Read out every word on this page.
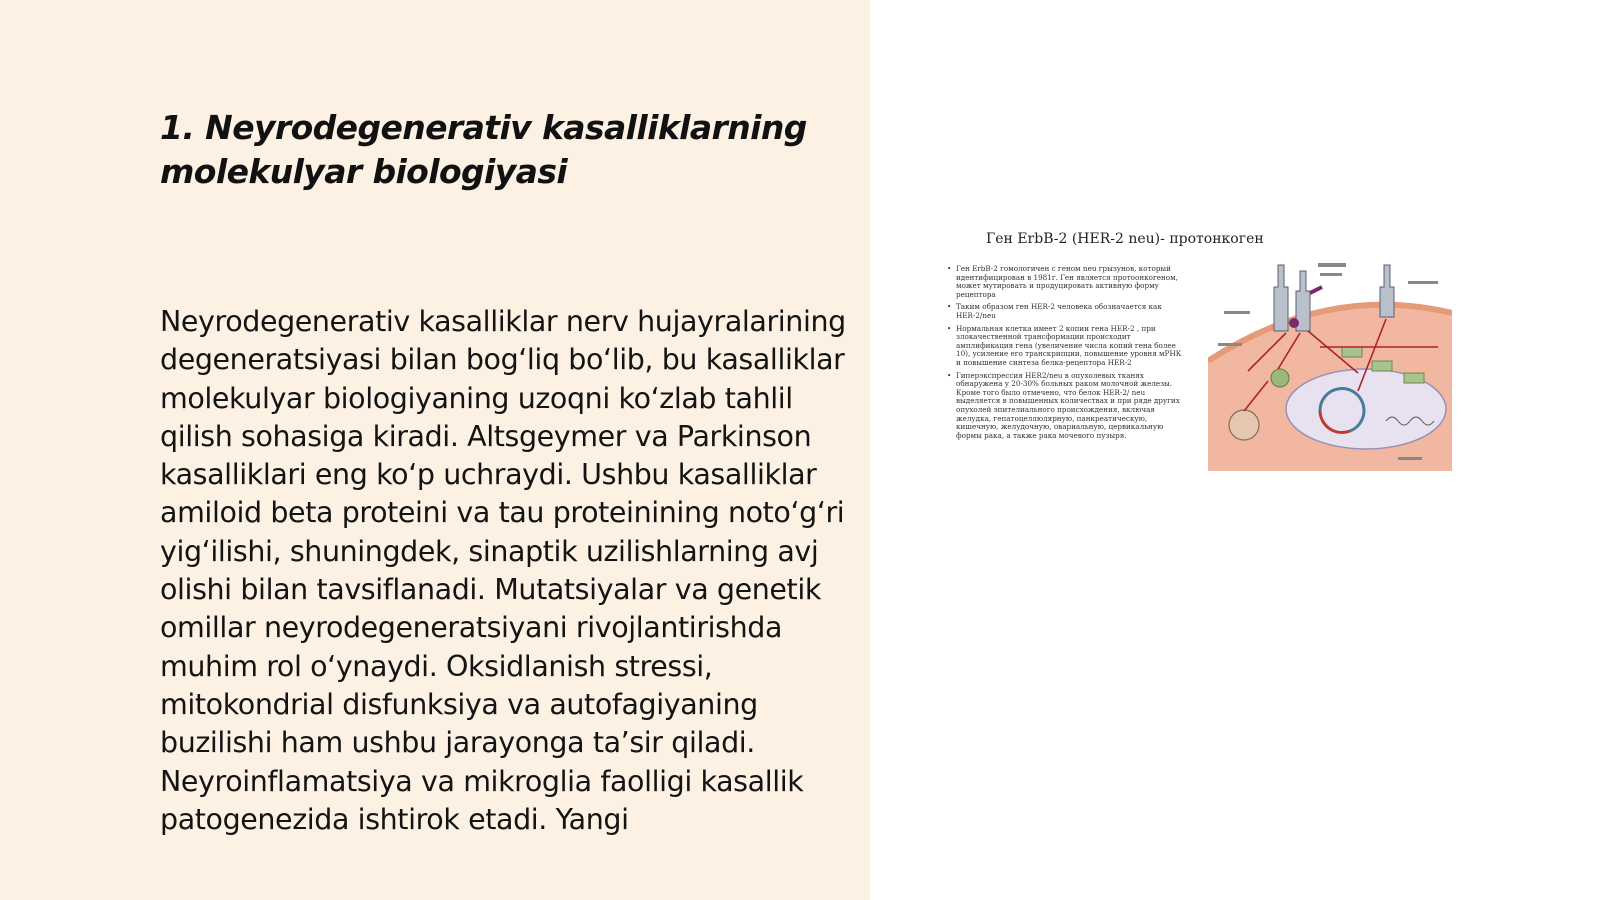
1. Neyrodegenerativ kasalliklarning molekulyar biologiyasi

Neyrodegenerativ kasalliklar nerv hujayralarining degeneratsiyasi bilan bog‘liq bo‘lib, bu kasalliklar molekulyar biologiyaning uzoqni ko‘zlab tahlil qilish sohasiga kiradi. Altsgeymer va Parkinson kasalliklari eng ko‘p uchraydi. Ushbu kasalliklar amiloid beta proteini va tau proteinining noto‘g‘ri yig‘ilishi, shuningdek, sinaptik uzilishlarning avj olishi bilan tavsiflanadi. Mutatsiyalar va genetik omillar neyrodegeneratsiyani rivojlantirishda muhim rol o‘ynaydi. Oksidlanish stressi, mitokondrial disfunksiya va autofagiyaning buzilishi ham ushbu jarayonga ta’sir qiladi. Neyroinflamatsiya va mikroglia faolligi kasallik patogenezida ishtirok etadi. Yangi

Ген ErbB-2 (HER-2 neu)- протонкоген

• Ген ErbB-2 гомологичен с геном neu грызунов, который идентифицирован в 1981г. Ген является протоонкогеном, может мутировать и продуцировать активную форму рецептора
• Таким образом ген HER-2 человека обозначается как HER-2/neu
• Нормальная клетка имеет 2 копии гена HER-2 , при злокачественной трансформации происходит амплификация гена (увеличение числа копий гена более 10), усиление его транскрипции, повышение уровня мРНК и повышение синтеза белка-рецептора HER-2
• Гиперэкспрессия HER2/neu в опухолевых тканях обнаружена у 20-30% больных раком молочной железы. Кроме того было отмечено, что белок HER-2/ neu выделяется в повышенных количествах и при ряде других опухолей эпителиального происхождения, включая желудка, гепатоцеллюлярную, панкреатическую, кишечную, желудочную, овариальную, цервикальную формы рака, а также рака мочевого пузыря.
